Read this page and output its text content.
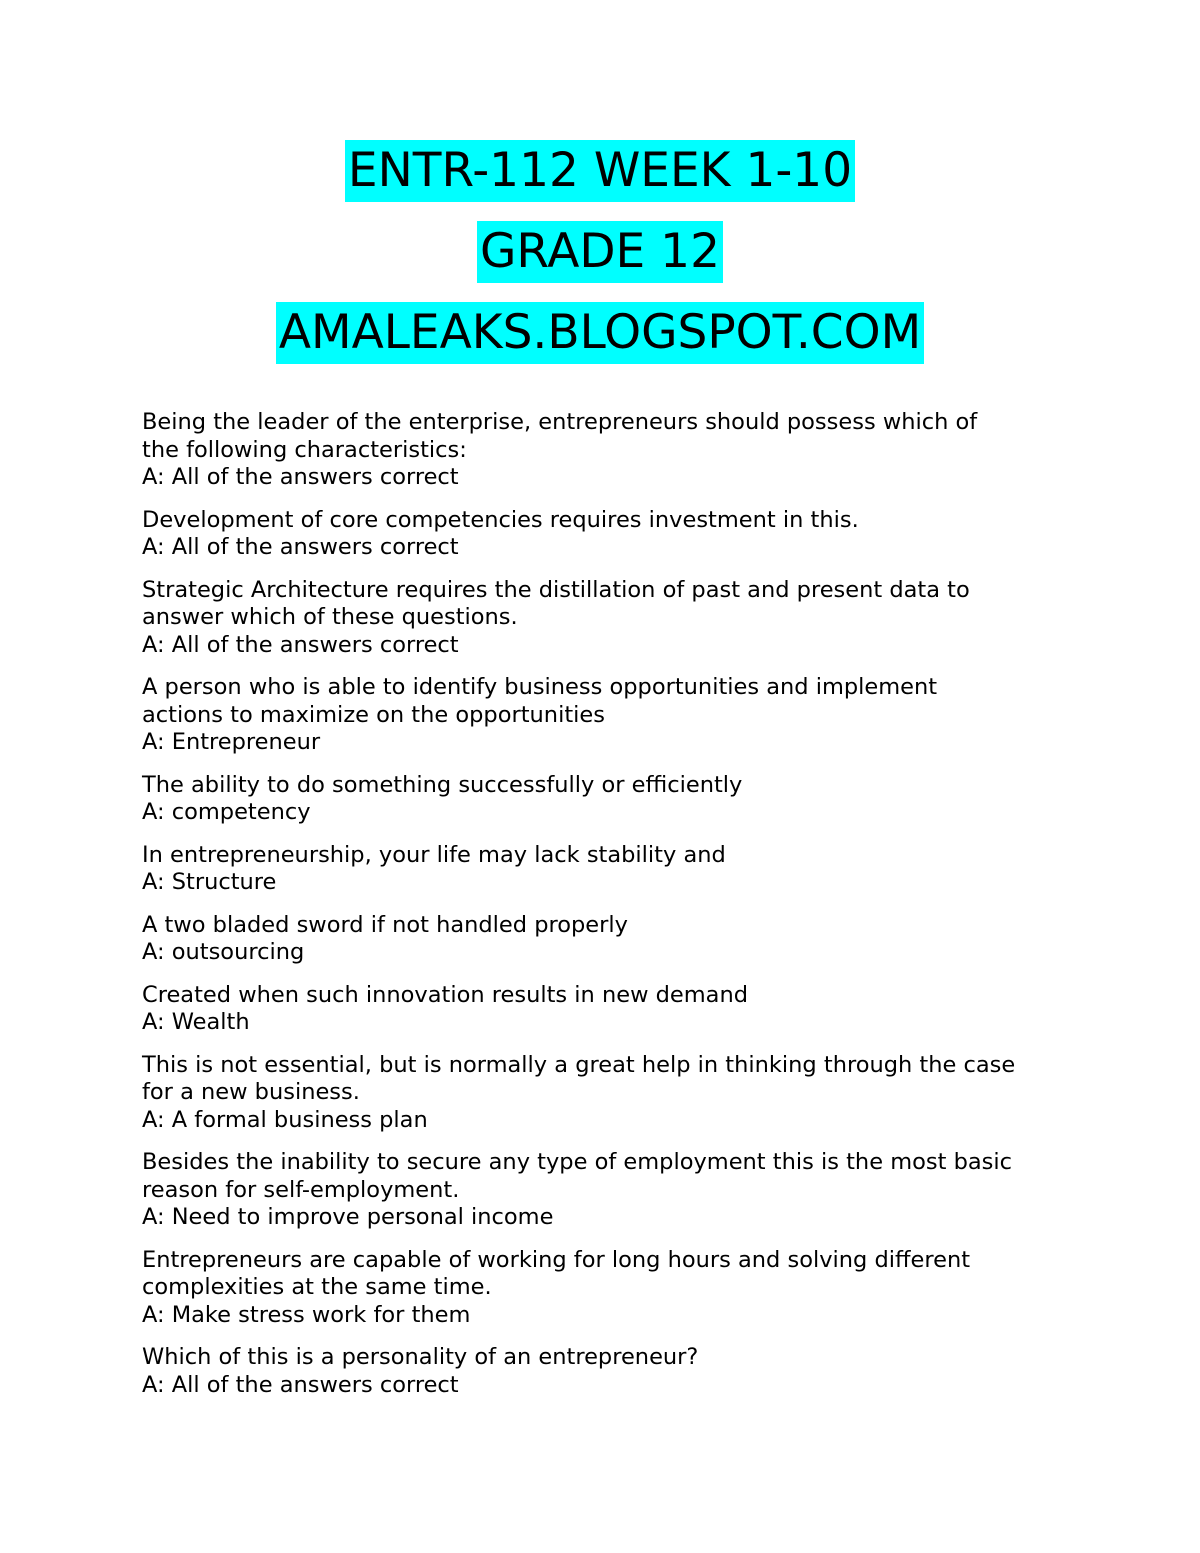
ENTR-112 WEEK 1-10
GRADE 12
AMALEAKS.BLOGSPOT.COM

Being the leader of the enterprise, entrepreneurs should possess which of
the following characteristics:

A: All of the answers correct

Development of core competencies requires investment in this.

A: All of the answers correct

Strategic Architecture requires the distillation of past and present data to
answer which of these questions.

A: All of the answers correct

A person who is able to identify business opportunities and implement
actions to maximize on the opportunities

A: Entrepreneur

The ability to do something successfully or efficiently

A: competency

In entrepreneurship, your life may lack stability and

A: Structure

A two bladed sword if not handled properly

A: outsourcing

Created when such innovation results in new demand

A: Wealth

This is not essential, but is normally a great help in thinking through the case
for a new business.

A: A formal business plan

Besides the inability to secure any type of employment this is the most basic
reason for self-employment.

A: Need to improve personal income

Entrepreneurs are capable of working for long hours and solving different
complexities at the same time.

A: Make stress work for them

Which of this is a personality of an entrepreneur?

A: All of the answers correct
